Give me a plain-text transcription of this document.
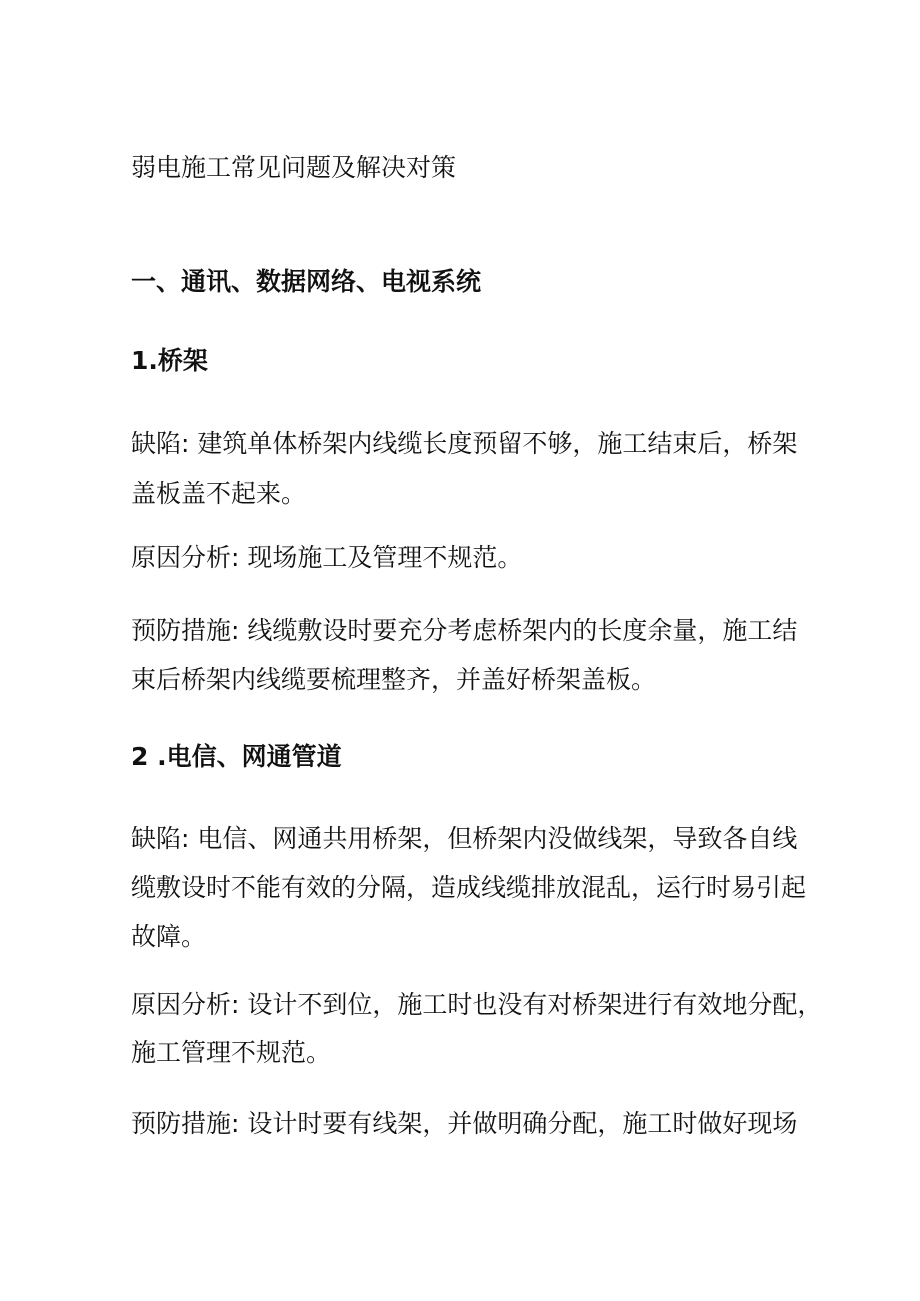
弱电施工常见问题及解决对策

一、通讯、数据网络、电视系统

1.桥架

缺陷: 建筑单体桥架内线缆长度预留不够，施工结束后，桥架

盖板盖不起来。

原因分析: 现场施工及管理不规范。

预防措施: 线缆敷设时要充分考虑桥架内的长度余量，施工结

束后桥架内线缆要梳理整齐，并盖好桥架盖板。

2 .电信、网通管道

缺陷: 电信、网通共用桥架，但桥架内没做线架，导致各自线

缆敷设时不能有效的分隔，造成线缆排放混乱，运行时易引起

故障。

原因分析: 设计不到位，施工时也没有对桥架进行有效地分配，

施工管理不规范。

预防措施: 设计时要有线架，并做明确分配，施工时做好现场
